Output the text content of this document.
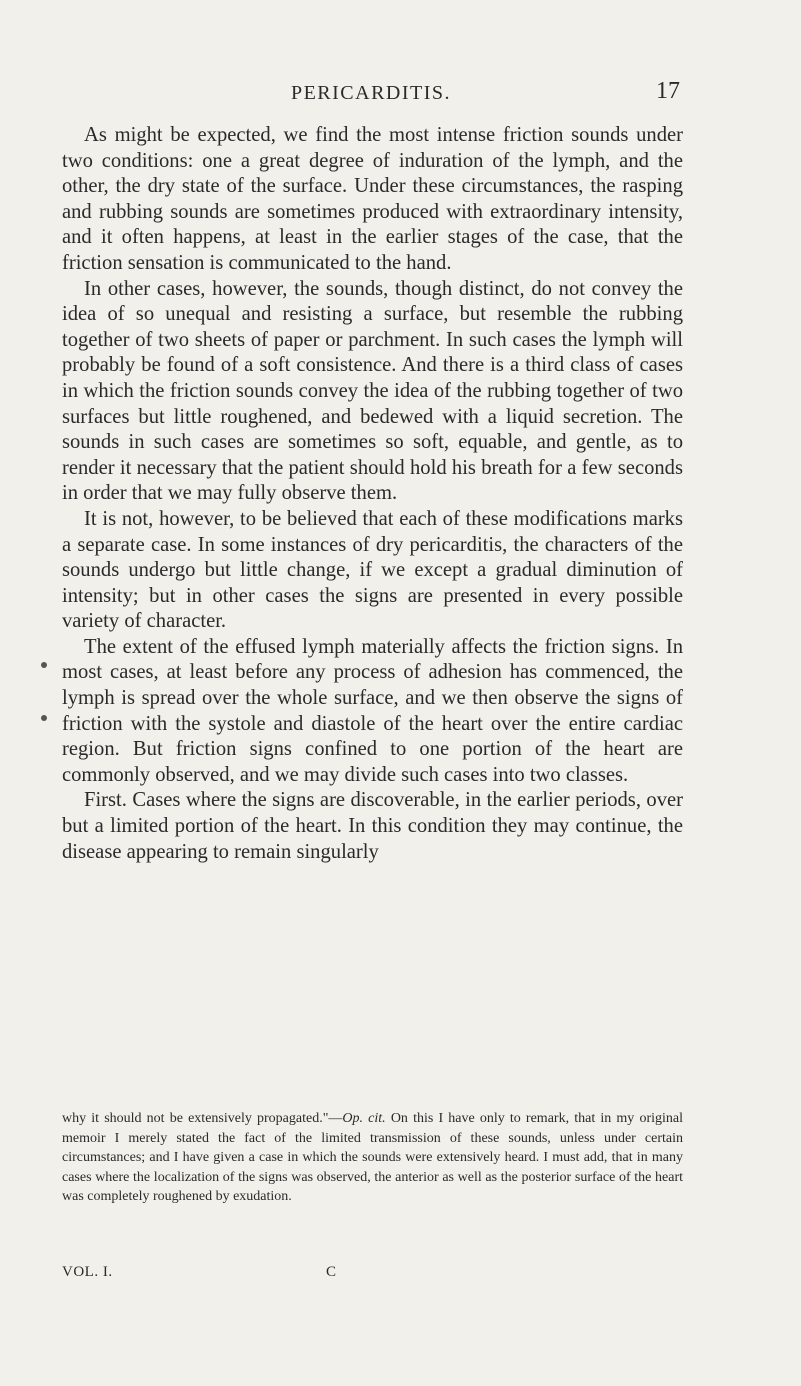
PERICARDITIS.	17

As might be expected, we find the most intense friction sounds under two conditions: one a great degree of induration of the lymph, and the other, the dry state of the surface. Under these circumstances, the rasping and rubbing sounds are sometimes produced with extraordinary intensity, and it often happens, at least in the earlier stages of the case, that the friction sensation is communicated to the hand.

In other cases, however, the sounds, though distinct, do not convey the idea of so unequal and resisting a surface, but resemble the rubbing together of two sheets of paper or parchment. In such cases the lymph will probably be found of a soft consistence. And there is a third class of cases in which the friction sounds convey the idea of the rubbing together of two surfaces but little roughened, and bedewed with a liquid secretion. The sounds in such cases are sometimes so soft, equable, and gentle, as to render it necessary that the patient should hold his breath for a few seconds in order that we may fully observe them.

It is not, however, to be believed that each of these modifications marks a separate case. In some instances of dry pericarditis, the characters of the sounds undergo but little change, if we except a gradual diminution of intensity; but in other cases the signs are presented in every possible variety of character.

The extent of the effused lymph materially affects the friction signs. In most cases, at least before any process of adhesion has commenced, the lymph is spread over the whole surface, and we then observe the signs of friction with the systole and diastole of the heart over the entire cardiac region. But friction signs confined to one portion of the heart are commonly observed, and we may divide such cases into two classes.

First. Cases where the signs are discoverable, in the earlier periods, over but a limited portion of the heart. In this condition they may continue, the disease appearing to remain singularly

why it should not be extensively propagated."—Op. cit. On this I have only to remark, that in my original memoir I merely stated the fact of the limited transmission of these sounds, unless under certain circumstances; and I have given a case in which the sounds were extensively heard. I must add, that in many cases where the localization of the signs was observed, the anterior as well as the posterior surface of the heart was completely roughened by exudation.

VOL. I.	C
